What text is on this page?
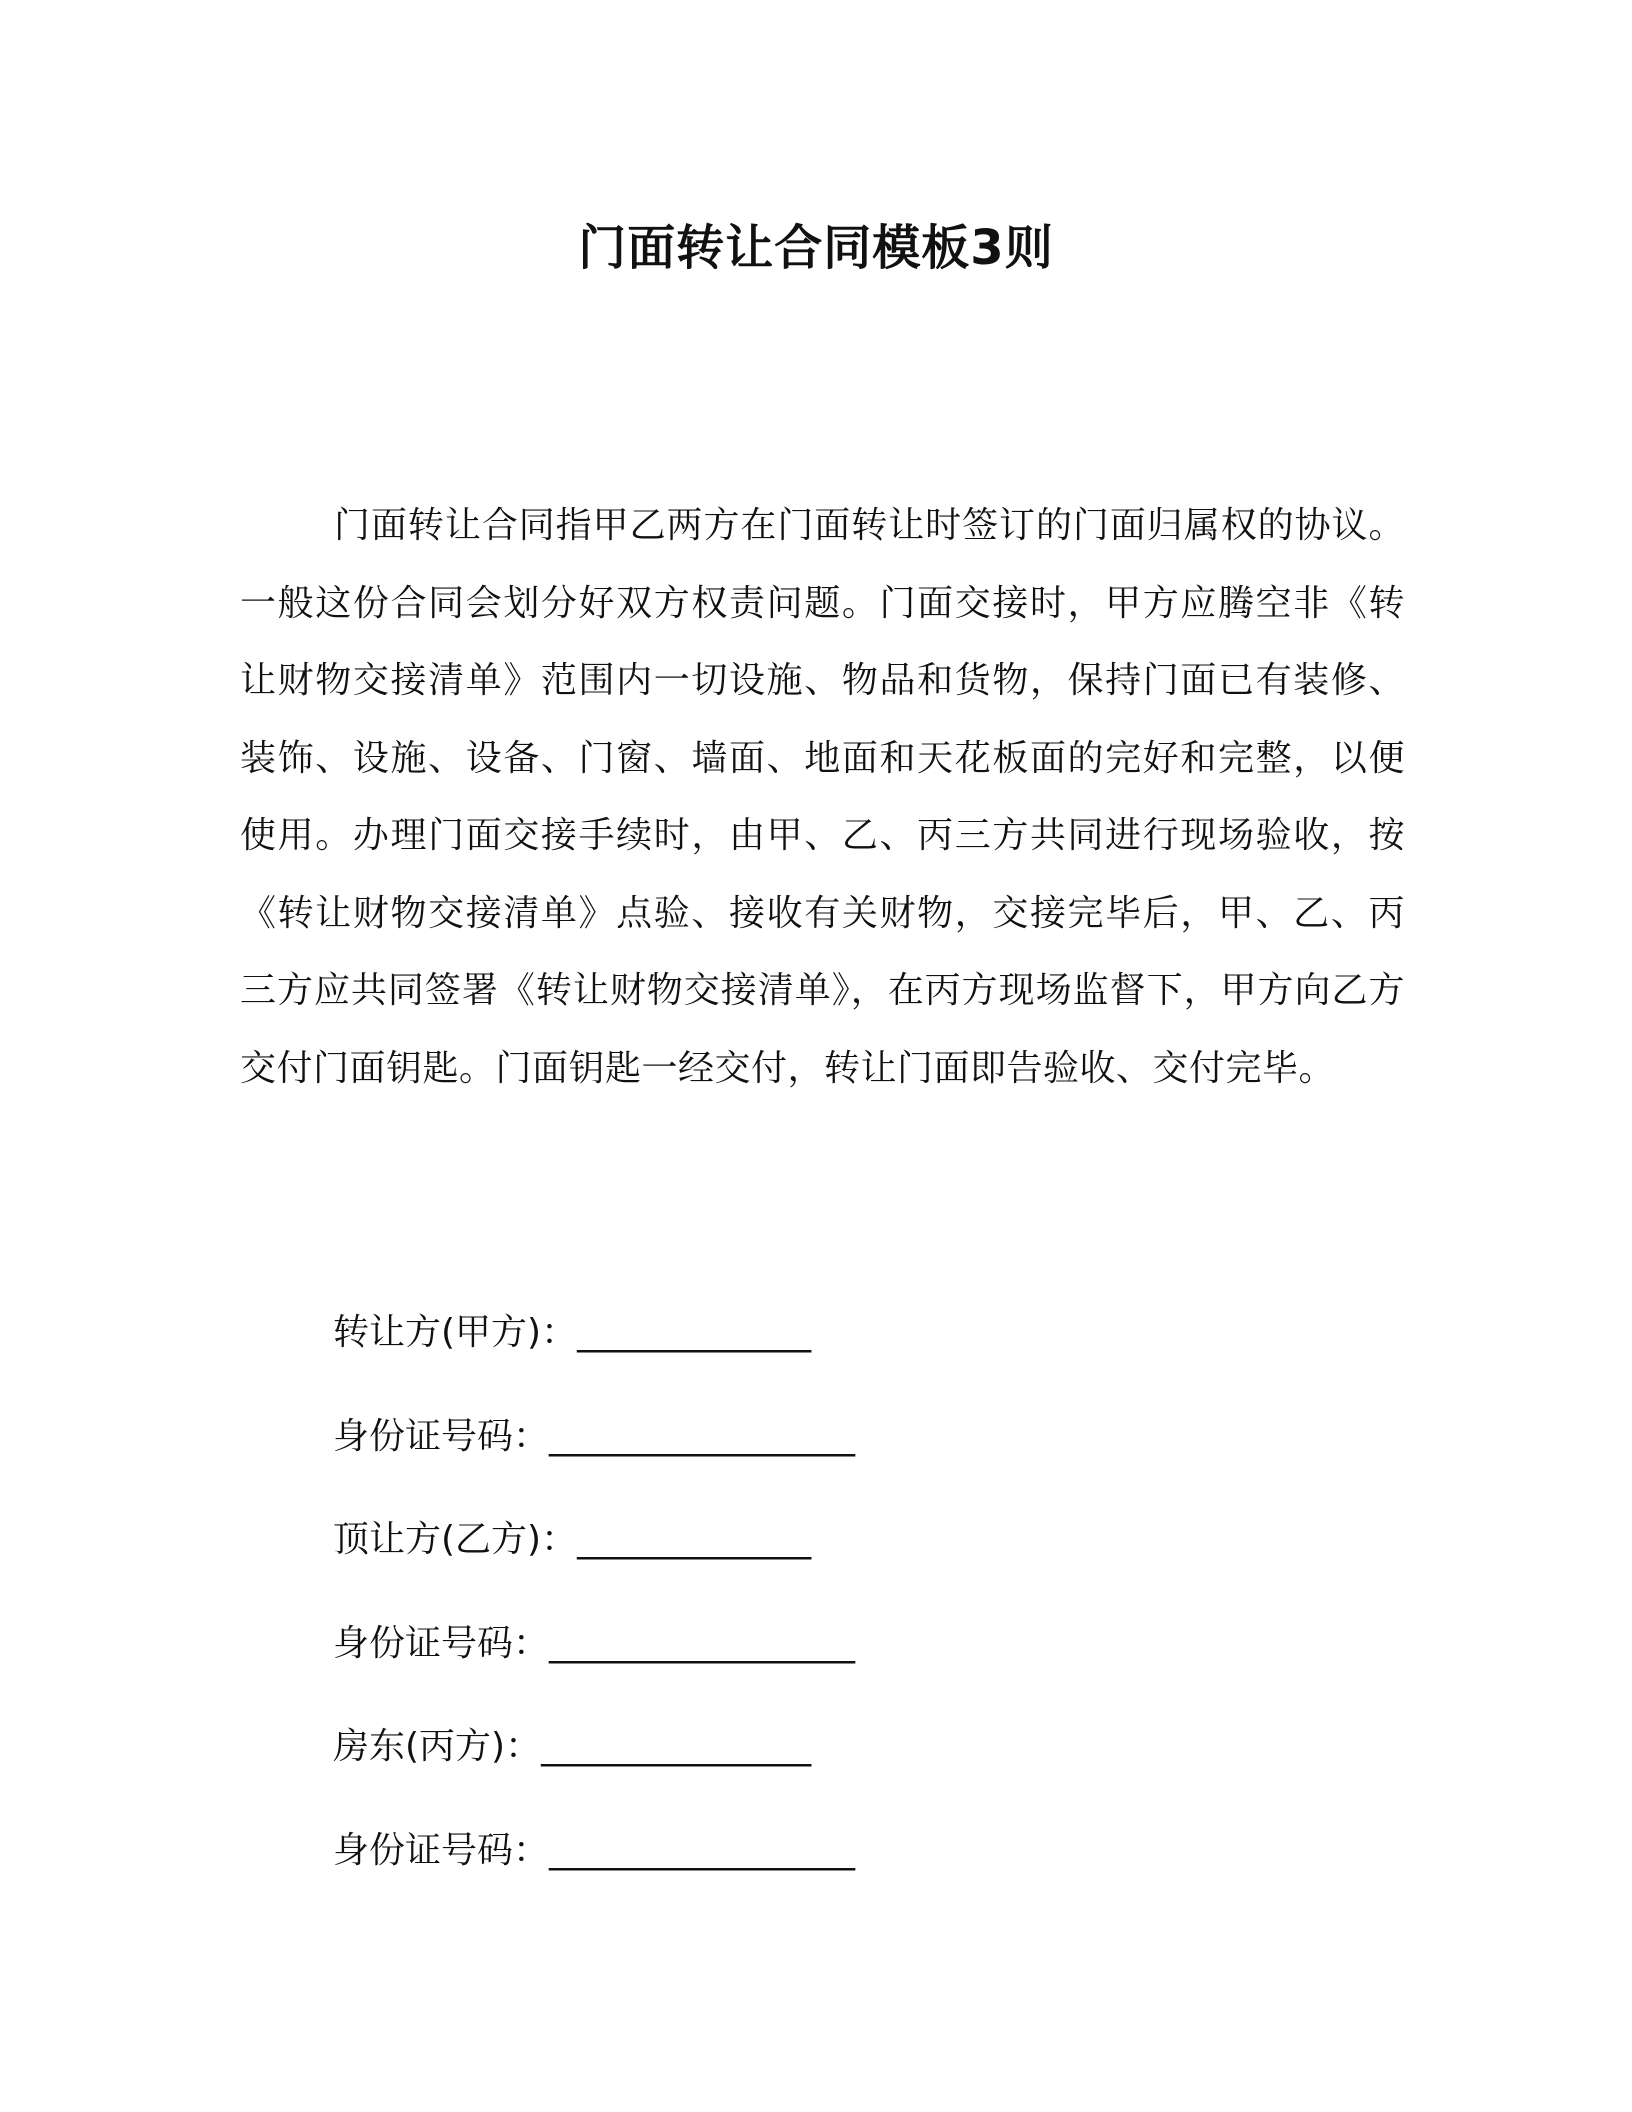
门面转让合同模板3则

门面转让合同指甲乙两方在门面转让时签订的门面归属权的协议。一般这份合同会划分好双方权责问题。门面交接时，甲方应腾空非《转让财物交接清单》范围内一切设施、物品和货物，保持门面已有装修、装饰、设施、设备、门窗、墙面、地面和天花板面的完好和完整，以便使用。办理门面交接手续时，由甲、乙、丙三方共同进行现场验收，按《转让财物交接清单》点验、接收有关财物，交接完毕后，甲、乙、丙三方应共同签署《转让财物交接清单》，在丙方现场监督下，甲方向乙方交付门面钥匙。门面钥匙一经交付，转让门面即告验收、交付完毕。

转让方(甲方)：_____________
身份证号码：_________________
顶让方(乙方)：_____________
身份证号码：_________________
房东(丙方)：_______________
身份证号码：_________________
